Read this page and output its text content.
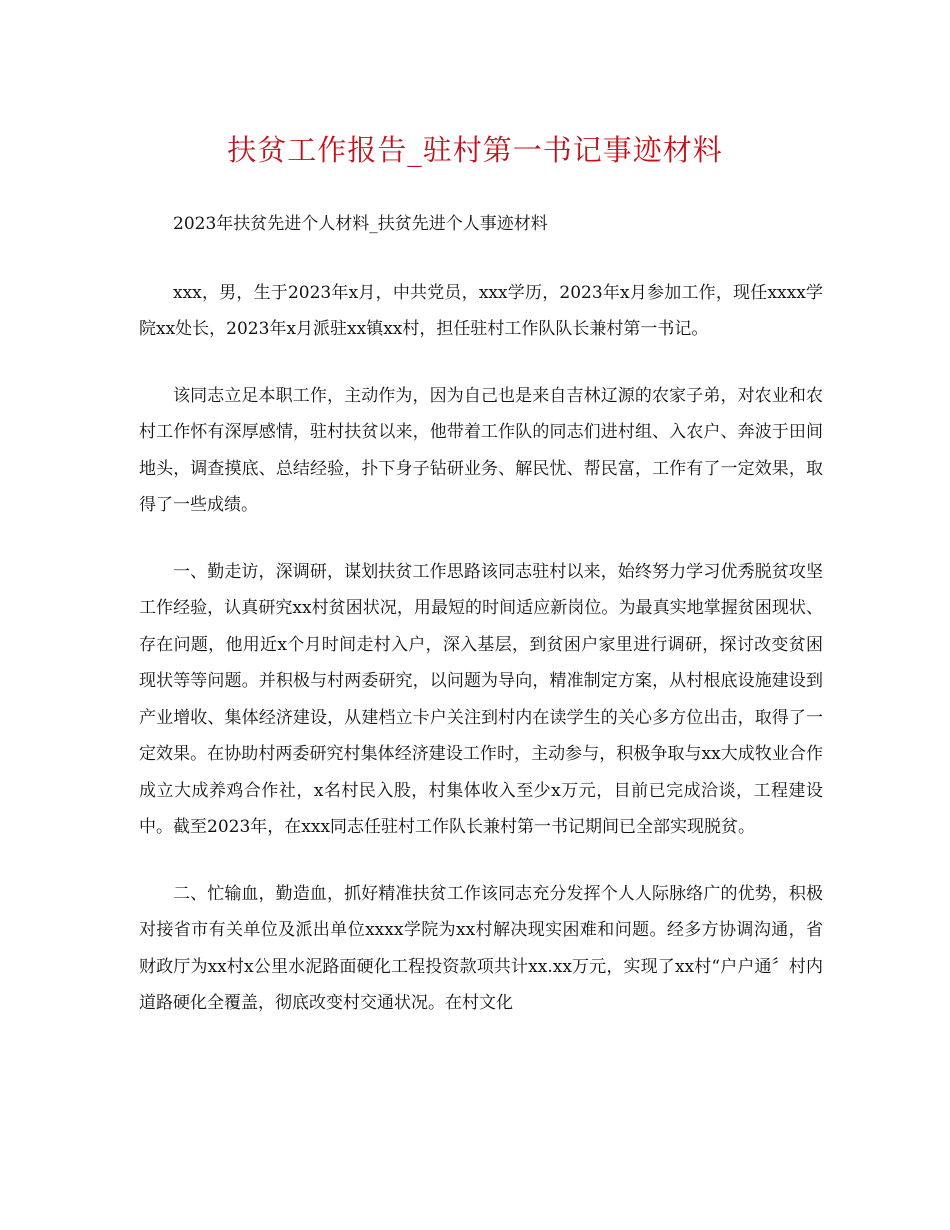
扶贫工作报告_驻村第一书记事迹材料

2023年扶贫先进个人材料_扶贫先进个人事迹材料

xxx，男，生于2023年x月，中共党员，xxx学历，2023年x月参加工作，现任xxxx学院xx处长，2023年x月派驻xx镇xx村，担任驻村工作队队长兼村第一书记。

该同志立足本职工作，主动作为，因为自己也是来自吉林辽源的农家子弟，对农业和农村工作怀有深厚感情，驻村扶贫以来，他带着工作队的同志们进村组、入农户、奔波于田间地头，调查摸底、总结经验，扑下身子钻研业务、解民忧、帮民富，工作有了一定效果，取得了一些成绩。

一、勤走访，深调研，谋划扶贫工作思路该同志驻村以来，始终努力学习优秀脱贫攻坚工作经验，认真研究xx村贫困状况，用最短的时间适应新岗位。为最真实地掌握贫困现状、存在问题，他用近x个月时间走村入户，深入基层，到贫困户家里进行调研，探讨改变贫困现状等等问题。并积极与村两委研究，以问题为导向，精准制定方案，从村根底设施建设到产业增收、集体经济建设，从建档立卡户关注到村内在读学生的关心多方位出击，取得了一定效果。在协助村两委研究村集体经济建设工作时，主动参与，积极争取与xx大成牧业合作成立大成养鸡合作社，x名村民入股，村集体收入至少x万元，目前已完成洽谈，工程建设中。截至2023年，在xxx同志任驻村工作队长兼村第一书记期间已全部实现脱贫。

二、忙输血，勤造血，抓好精准扶贫工作该同志充分发挥个人人际脉络广的优势，积极对接省市有关单位及派出单位xxxx学院为xx村解决现实困难和问题。经多方协调沟通，省财政厅为xx村x公里水泥路面硬化工程投资款项共计xx.xx万元，实现了xx村“户户通〞村内道路硬化全覆盖，彻底改变村交通状况。在村文化
